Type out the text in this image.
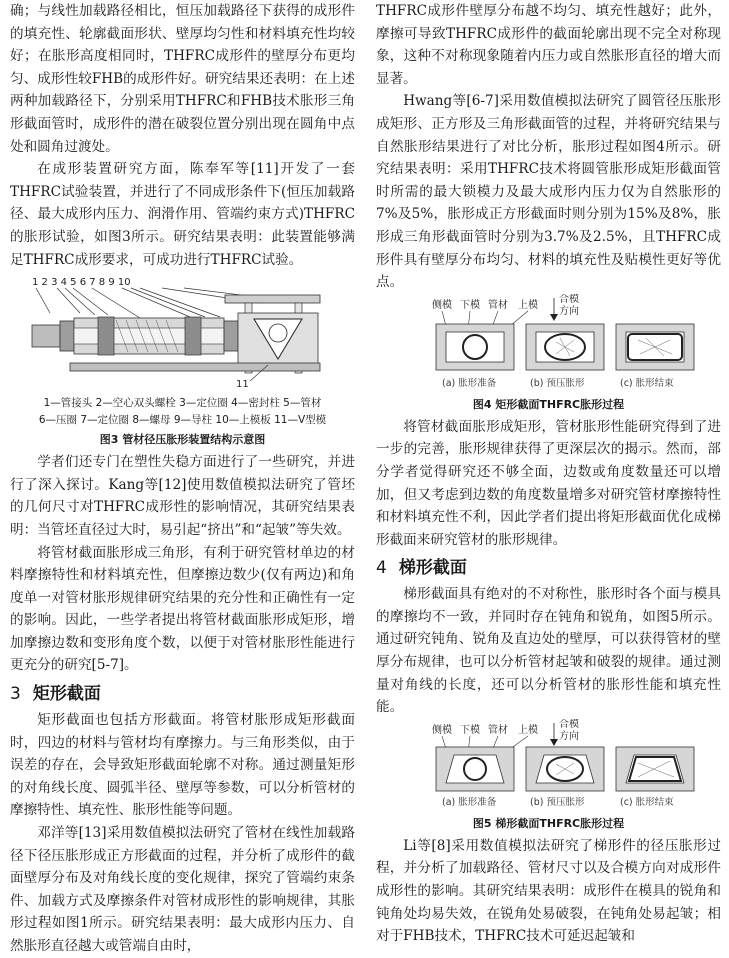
确；与线性加载路径相比，恒压加载路径下获得的成形件的填充性、轮廓截面形状、壁厚均匀性和材料填充性均较好；在胀形高度相同时，THFRC成形件的壁厚分布更均匀、成形性较FHB的成形件好。研究结果还表明：在上述两种加载路径下，分别采用THFRC和FHB技术胀形三角形截面管时，成形件的潜在破裂位置分别出现在圆角中点处和圆角过渡处。

在成形装置研究方面，陈奉军等[11]开发了一套THFRC试验装置，并进行了不同成形条件下(恒压加载路径、最大成形内压力、润滑作用、管端约束方式)THFRC的胀形试验，如图3所示。研究结果表明：此装置能够满足THFRC成形要求，可成功进行THFRC试验。

1 2 3 4 5 6 7 8 9 10
11
1—管接头 2—空心双头螺栓 3—定位圈 4—密封柱 5—管材
6—压圈 7—定位圈 8—螺母 9—导柱 10—上模板 11—V型模
图3 管材径压胀形装置结构示意图

学者们还专门在塑性失稳方面进行了一些研究，并进行了深入探讨。Kang等[12]使用数值模拟法研究了管坯的几何尺寸对THFRC成形性的影响情况，其研究结果表明：当管坯直径过大时，易引起“挤出”和“起皱”等失效。

将管材截面胀形成三角形，有利于研究管材单边的材料摩擦特性和材料填充性，但摩擦边数少(仅有两边)和角度单一对管材胀形规律研究结果的充分性和正确性有一定的影响。因此，一些学者提出将管材截面胀形成矩形，增加摩擦边数和变形角度个数，以便于对管材胀形性能进行更充分的研究[5-7]。

3 矩形截面

矩形截面也包括方形截面。将管材胀形成矩形截面时，四边的材料与管材均有摩擦力。与三角形类似，由于误差的存在，会导致矩形截面轮廓不对称。通过测量矩形的对角线长度、圆弧半径、壁厚等参数，可以分析管材的摩擦特性、填充性、胀形性能等问题。

邓洋等[13]采用数值模拟法研究了管材在线性加载路径下径压胀形成正方形截面的过程，并分析了成形件的截面壁厚分布及对角线长度的变化规律，探究了管端约束条件、加载方式及摩擦条件对管材成形性的影响规律，其胀形过程如图1所示。研究结果表明：最大成形内压力、自然胀形直径越大或管端自由时，

THFRC成形件壁厚分布越不均匀、填充性越好；此外，摩擦可导致THFRC成形件的截面轮廓出现不完全对称现象，这种不对称现象随着内压力或自然胀形直径的增大而显著。

Hwang等[6-7]采用数值模拟法研究了圆管径压胀形成矩形、正方形及三角形截面管的过程，并将研究结果与自然胀形结果进行了对比分析，胀形过程如图4所示。研究结果表明：采用THFRC技术将圆管胀形成矩形截面管时所需的最大锁模力及最大成形内压力仅为自然胀形的7%及5%，胀形成正方形截面时则分别为15%及8%，胀形成三角形截面管时分别为3.7%及2.5%，且THFRC成形件具有壁厚分布均匀、材料的填充性及贴模性更好等优点。

侧模 下模 管材 上模
合模
方向
(a) 胀形准备	(b) 预压胀形	(c) 胀形结束
图4 矩形截面THFRC胀形过程

将管材截面胀形成矩形，管材胀形性能研究得到了进一步的完善，胀形规律获得了更深层次的揭示。然而，部分学者觉得研究还不够全面，边数或角度数量还可以增加，但又考虑到边数的角度数量增多对研究管材摩擦特性和材料填充性不利，因此学者们提出将矩形截面优化成梯形截面来研究管材的胀形规律。

4 梯形截面

梯形截面具有绝对的不对称性，胀形时各个面与模具的摩擦均不一致，并同时存在钝角和锐角，如图5所示。通过研究钝角、锐角及直边处的壁厚，可以获得管材的壁厚分布规律，也可以分析管材起皱和破裂的规律。通过测量对角线的长度，还可以分析管材的胀形性能和填充性能。

侧模 下模 管材 上模
合模
方向
(a) 胀形准备	(b) 预压胀形	(c) 胀形结束
图5 梯形截面THFRC胀形过程

Li等[8]采用数值模拟法研究了梯形件的径压胀形过程，并分析了加载路径、管材尺寸以及合模方向对成形件成形性的影响。其研究结果表明：成形件在模具的锐角和钝角处均易失效，在锐角处易破裂，在钝角处易起皱；相对于FHB技术，THFRC技术可延迟起皱和
